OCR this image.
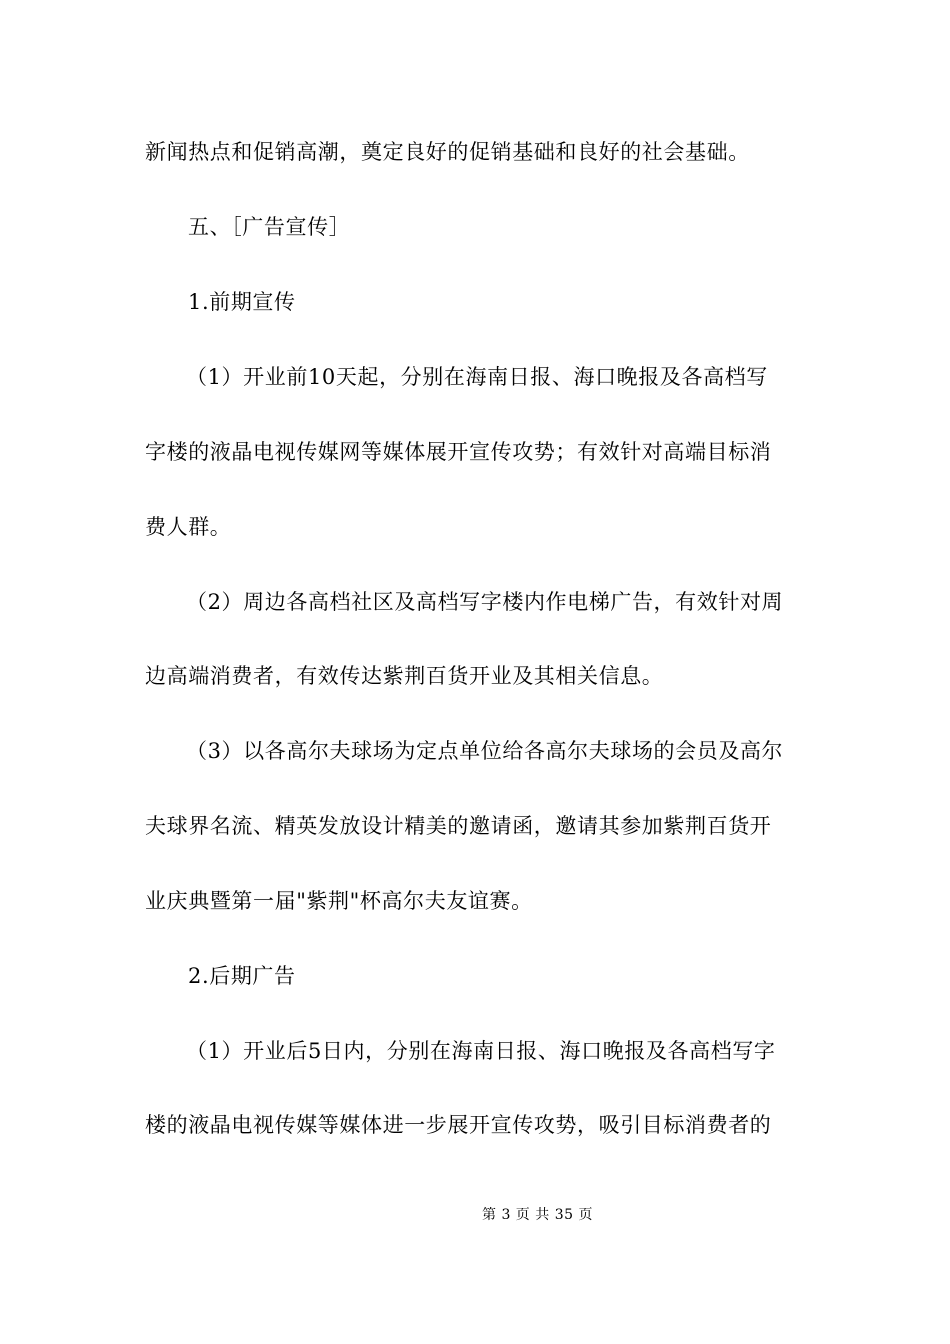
新闻热点和促销高潮，奠定良好的促销基础和良好的社会基础。
五、［广告宣传］
1.前期宣传
（1）开业前10天起，分别在海南日报、海口晚报及各高档写
字楼的液晶电视传媒网等媒体展开宣传攻势；有效针对高端目标消
费人群。
（2）周边各高档社区及高档写字楼内作电梯广告，有效针对周
边高端消费者，有效传达紫荆百货开业及其相关信息。
（3）以各高尔夫球场为定点单位给各高尔夫球场的会员及高尔
夫球界名流、精英发放设计精美的邀请函，邀请其参加紫荆百货开
业庆典暨第一届"紫荆"杯高尔夫友谊赛。
2.后期广告
（1）开业后5日内，分别在海南日报、海口晚报及各高档写字
楼的液晶电视传媒等媒体进一步展开宣传攻势，吸引目标消费者的
第 3 页 共 35 页
